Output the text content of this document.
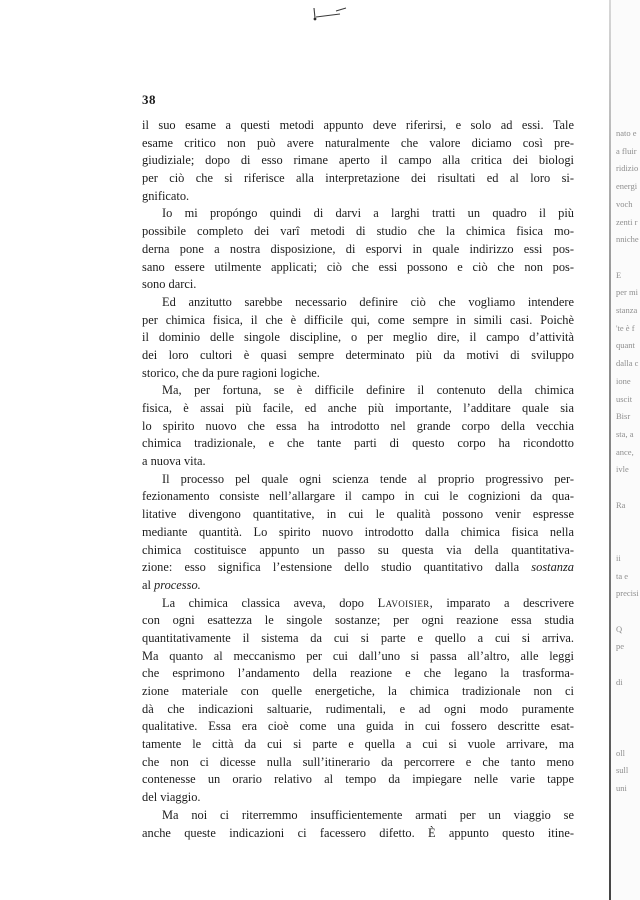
38
il suo esame a questi metodi appunto deve riferirsi, e solo ad essi. Tale
esame critico non può avere naturalmente che valore diciamo così pre-
giudiziale; dopo di esso rimane aperto il campo alla critica dei biologi
per ciò che si riferisce alla interpretazione dei risultati ed al loro si-
gnificato.
Io mi propóngo quindi di darvi a larghi tratti un quadro il più
possibile completo dei varî metodi di studio che la chimica fisica mo-
derna pone a nostra disposizione, di esporvi in quale indirizzo essi pos-
sano essere utilmente applicati; ciò che essi possono e ciò che non pos-
sono darci.
Ed anzitutto sarebbe necessario definire ciò che vogliamo intendere
per chimica fisica, il che è difficile qui, come sempre in simili casi. Poichè
il dominio delle singole discipline, o per meglio dire, il campo d’attività
dei loro cultori è quasi sempre determinato più da motivi di sviluppo
storico, che da pure ragioni logiche.
Ma, per fortuna, se è difficile definire il contenuto della chimica
fisica, è assai più facile, ed anche più importante, l’additare quale sia
lo spirito nuovo che essa ha introdotto nel grande corpo della vecchia
chimica tradizionale, e che tante parti di questo corpo ha ricondotto
a nuova vita.
Il processo pel quale ogni scienza tende al proprio progressivo per-
fezionamento consiste nell’allargare il campo in cui le cognizioni da qua-
litative divengono quantitative, in cui le qualità possono venir espresse
mediante quantità. Lo spirito nuovo introdotto dalla chimica fisica nella
chimica costituisce appunto un passo su questa via della quantitativa-
zione: esso significa l’estensione dello studio quantitativo dalla sostanza
al processo.
La chimica classica aveva, dopo Lavoisier, imparato a descrivere
con ogni esattezza le singole sostanze; per ogni reazione essa studia
quantitativamente il sistema da cui si parte e quello a cui si arriva.
Ma quanto al meccanismo per cui dall’uno si passa all’altro, alle leggi
che esprimono l’andamento della reazione e che legano la trasforma-
zione materiale con quelle energetiche, la chimica tradizionale non ci
dà che indicazioni saltuarie, rudimentali, e ad ogni modo puramente
qualitative. Essa era cioè come una guida in cui fossero descritte esat-
tamente le città da cui si parte e quella a cui si vuole arrivare, ma
che non ci dicesse nulla sull’itinerario da percorrere e che tanto meno
contenesse un orario relativo al tempo da impiegare nelle varie tappe
del viaggio.
Ma noi ci riterremmo insufficientemente armati per un viaggio se
anche queste indicazioni ci facessero difetto. È appunto questo itine-
nato e
a fluir
ridizio
energi
voch
zenti r
nniche
E
per mi
stanza
'te è f
quant
dalla c
ione
uscit
Bisr
sta, a
ance,
ivle
Ra
ii
ta e
precisi
Q
pe
di
oll
sull
uni
